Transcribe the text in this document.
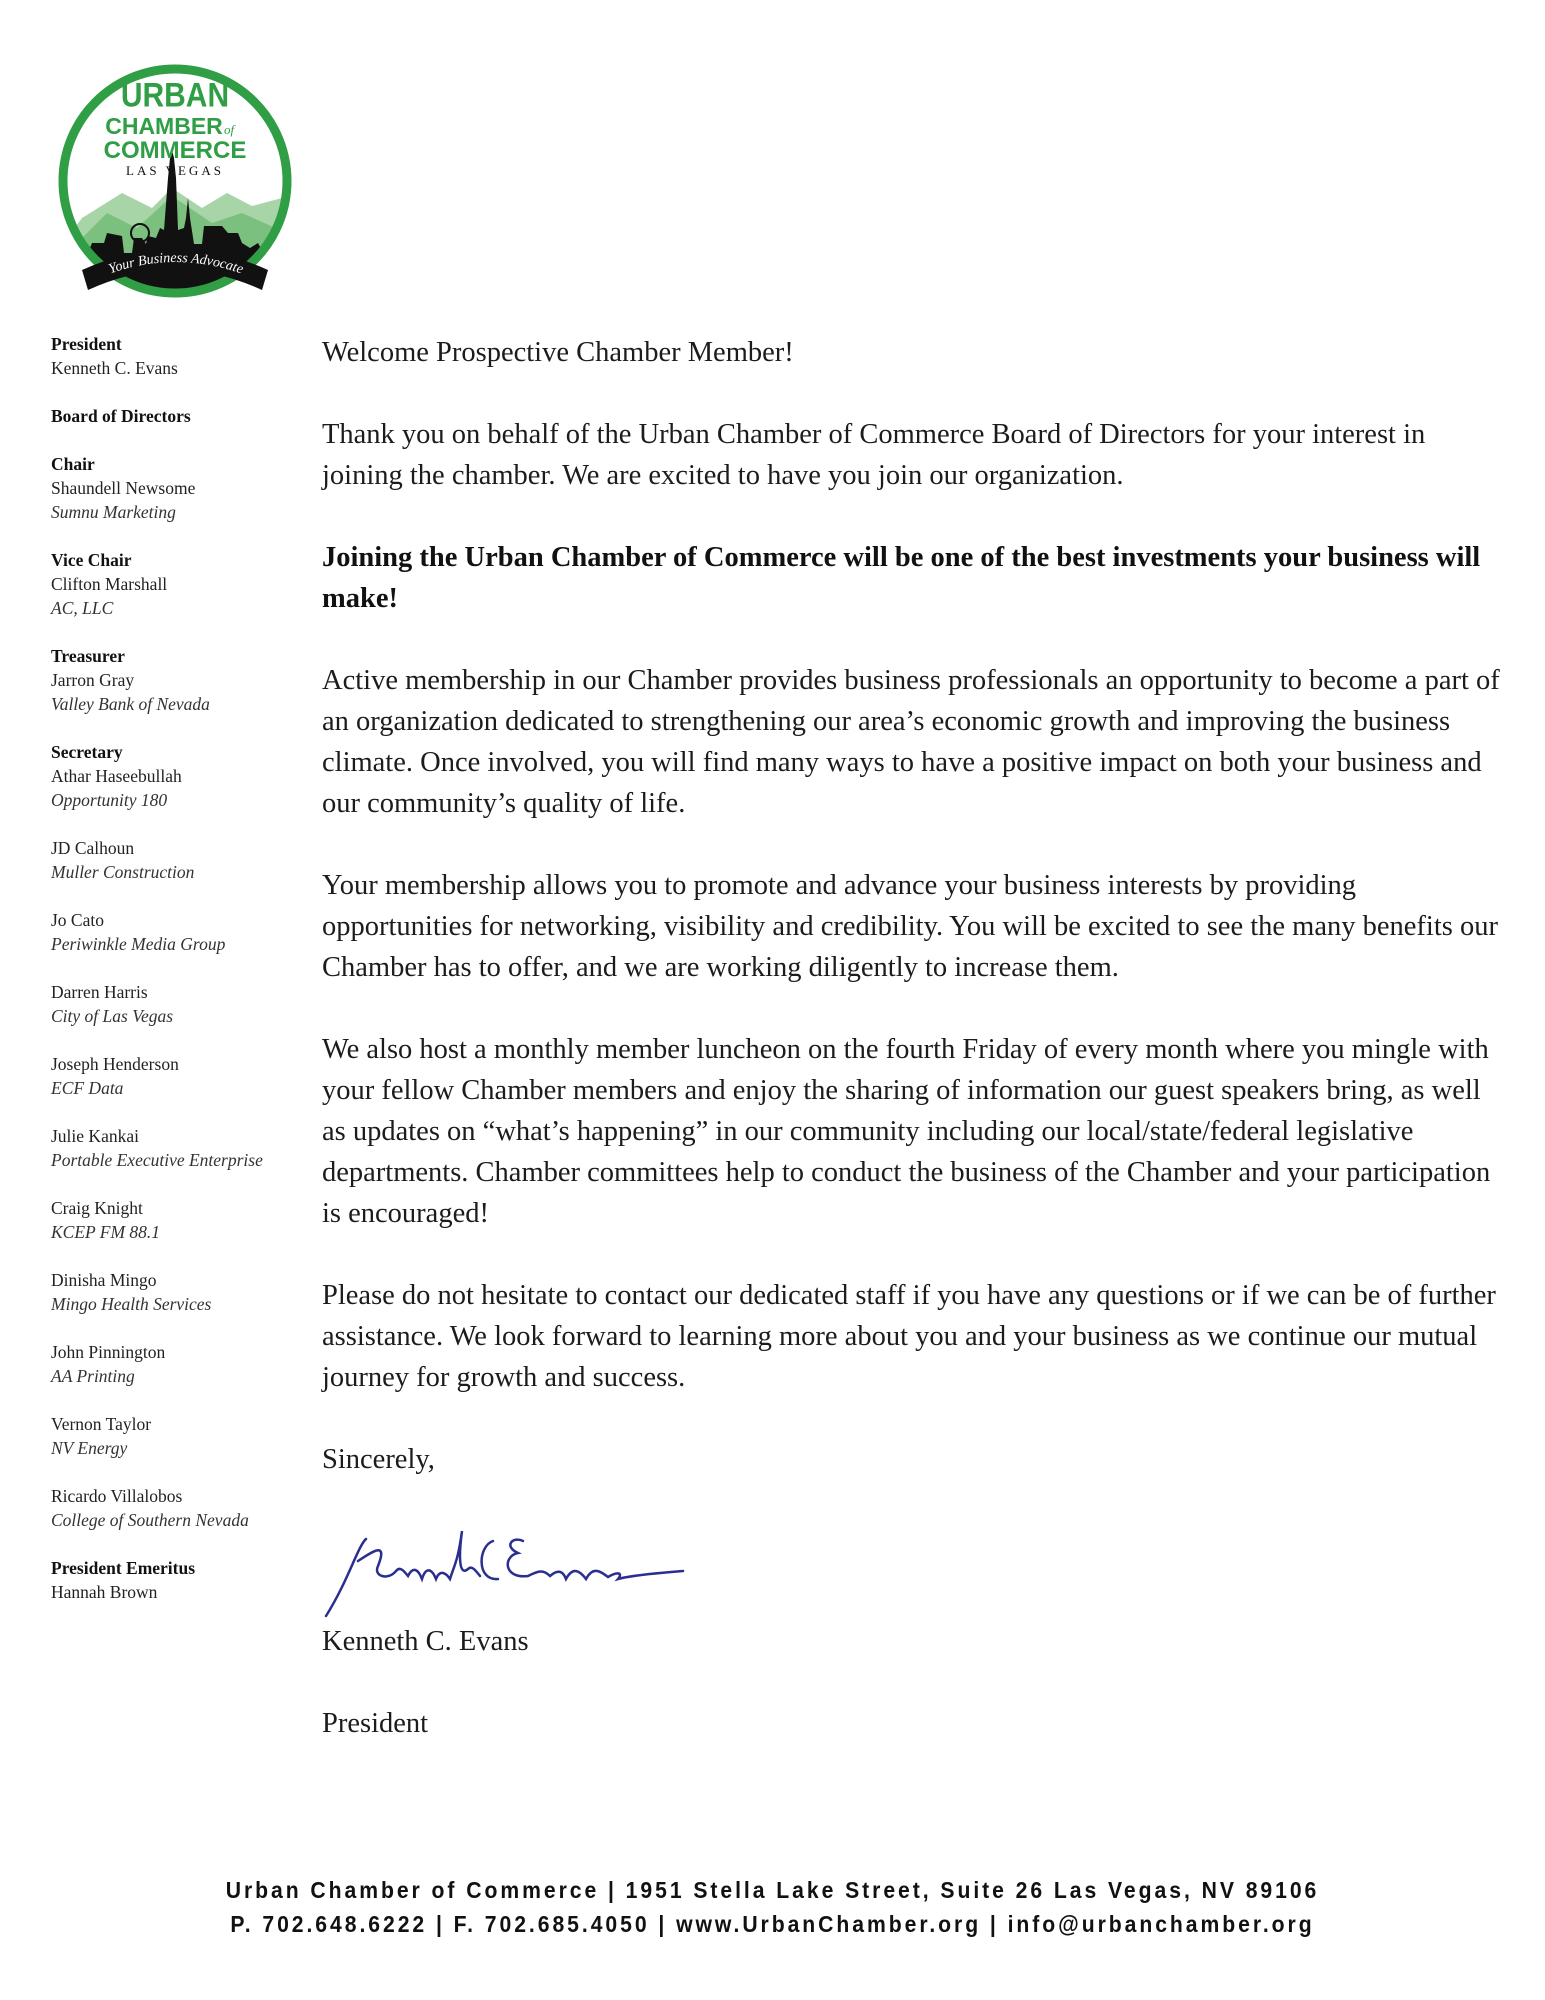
URBAN
CHAMBER of
COMMERCE
LAS VEGAS
Your Business Advocate
President
Kenneth C. Evans
Board of Directors
Chair
Shaundell Newsome
Sumnu Marketing
Vice Chair
Clifton Marshall
AC, LLC
Treasurer
Jarron Gray
Valley Bank of Nevada
Secretary
Athar Haseebullah
Opportunity 180
JD Calhoun
Muller Construction
Jo Cato
Periwinkle Media Group
Darren Harris
City of Las Vegas
Joseph Henderson
ECF Data
Julie Kankai
Portable Executive Enterprise
Craig Knight
KCEP FM 88.1
Dinisha Mingo
Mingo Health Services
John Pinnington
AA Printing
Vernon Taylor
NV Energy
Ricardo Villalobos
College of Southern Nevada
President Emeritus
Hannah Brown

Welcome Prospective Chamber Member!

Thank you on behalf of the Urban Chamber of Commerce Board of Directors for your interest in joining the chamber. We are excited to have you join our organization.

Joining the Urban Chamber of Commerce will be one of the best investments your business will make!

Active membership in our Chamber provides business professionals an opportunity to become a part of an organization dedicated to strengthening our area’s economic growth and improving the business climate. Once involved, you will find many ways to have a positive impact on both your business and our community’s quality of life.

Your membership allows you to promote and advance your business interests by providing opportunities for networking, visibility and credibility. You will be excited to see the many benefits our Chamber has to offer, and we are working diligently to increase them.

We also host a monthly member luncheon on the fourth Friday of every month where you mingle with your fellow Chamber members and enjoy the sharing of information our guest speakers bring, as well as updates on “what’s happening” in our community including our local/state/federal legislative departments. Chamber committees help to conduct the business of the Chamber and your participation is encouraged!

Please do not hesitate to contact our dedicated staff if you have any questions or if we can be of further assistance. We look forward to learning more about you and your business as we continue our mutual journey for growth and success.

Sincerely,

Kenneth C. Evans

President

Urban Chamber of Commerce | 1951 Stella Lake Street, Suite 26 Las Vegas, NV 89106
P. 702.648.6222 | F. 702.685.4050 | www.UrbanChamber.org | info@urbanchamber.org
